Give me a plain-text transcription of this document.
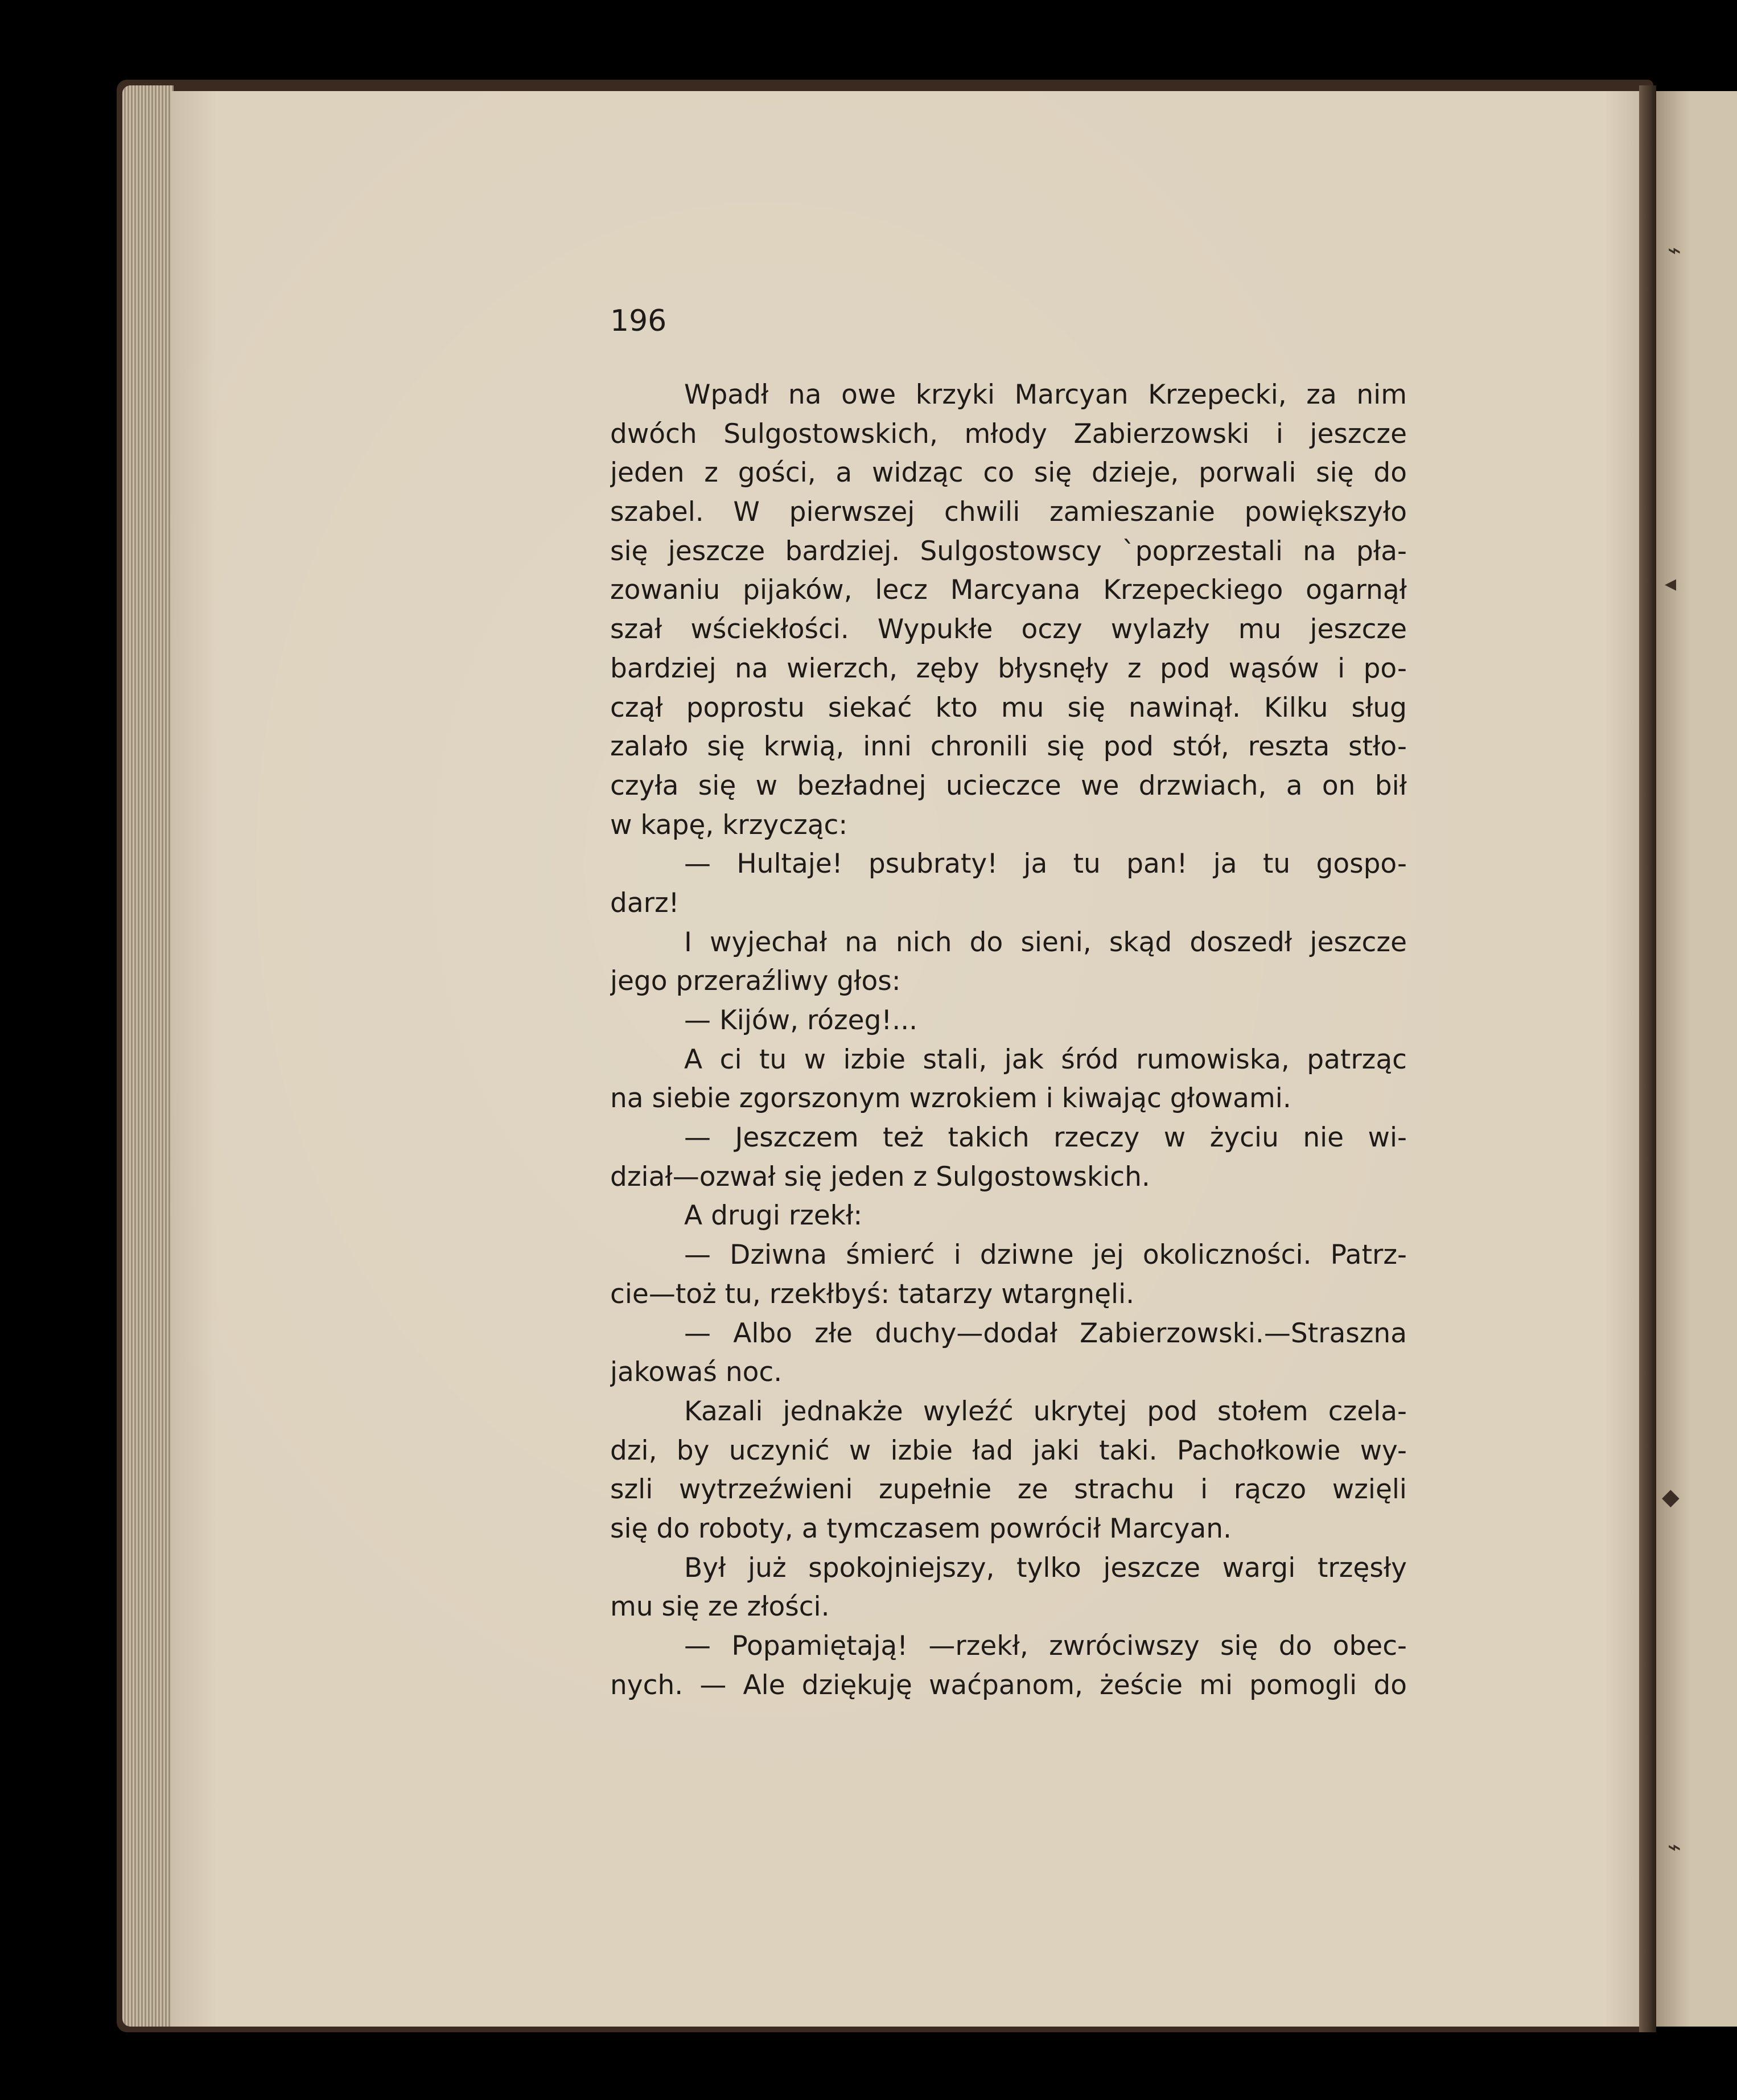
⌁
◂
◆
⌁
196
Wpadł na owe krzyki Marcyan Krzepecki, za nim
dwóch Sulgostowskich, młody Zabierzowski i jeszcze
jeden z gości, a widząc co się dzieje, porwali się do
szabel. W pierwszej chwili zamieszanie powiększyło
się jeszcze bardziej. Sulgostowscy `poprzestali na pła-
zowaniu pijaków, lecz Marcyana Krzepeckiego ogarnął
szał wściekłości. Wypukłe oczy wylazły mu jeszcze
bardziej na wierzch, zęby błysnęły z pod wąsów i po-
czął poprostu siekać kto mu się nawinął. Kilku sług
zalało się krwią, inni chronili się pod stół, reszta stło-
czyła się w bezładnej ucieczce we drzwiach, a on bił
w kapę, krzycząc:
— Hultaje! psubraty! ja tu pan! ja tu gospo-
darz!
I wyjechał na nich do sieni, skąd doszedł jeszcze
jego przeraźliwy głos:
— Kijów, rózeg!...
A ci tu w izbie stali, jak śród rumowiska, patrząc
na siebie zgorszonym wzrokiem i kiwając głowami.
— Jeszczem też takich rzeczy w życiu nie wi-
dział—ozwał się jeden z Sulgostowskich.
A drugi rzekł:
— Dziwna śmierć i dziwne jej okoliczności. Patrz-
cie—toż tu, rzekłbyś: tatarzy wtargnęli.
— Albo złe duchy—dodał Zabierzowski.—Straszna
jakowaś noc.
Kazali jednakże wyleźć ukrytej pod stołem czela-
dzi, by uczynić w izbie ład jaki taki. Pachołkowie wy-
szli wytrzeźwieni zupełnie ze strachu i rączo wzięli
się do roboty, a tymczasem powrócił Marcyan.
Był już spokojniejszy, tylko jeszcze wargi trzęsły
mu się ze złości.
— Popamiętają! —rzekł, zwróciwszy się do obec-
nych. — Ale dziękuję waćpanom, żeście mi pomogli do
